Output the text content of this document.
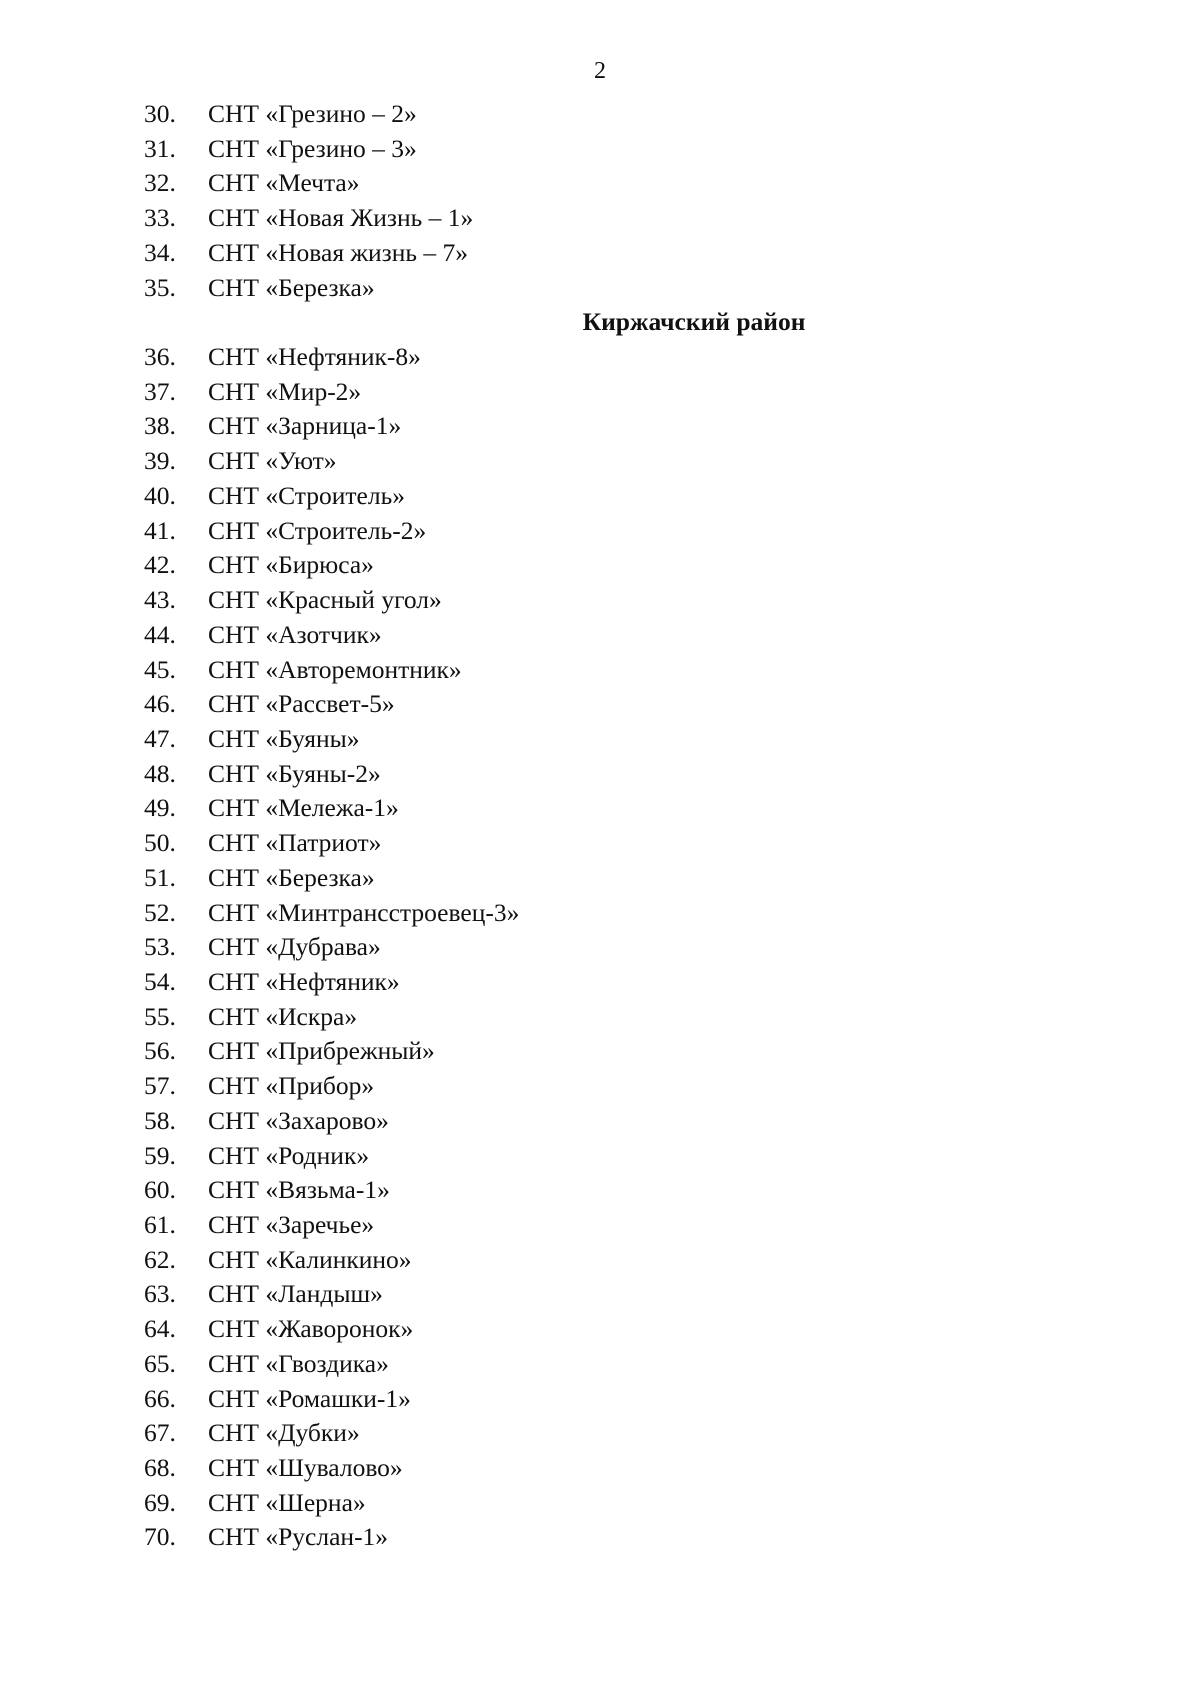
2
30. СНТ «Грезино – 2»
31. СНТ «Грезино – 3»
32. СНТ «Мечта»
33. СНТ «Новая Жизнь – 1»
34. СНТ «Новая жизнь – 7»
35. СНТ «Березка»
Киржачский район
36. СНТ «Нефтяник-8»
37. СНТ «Мир-2»
38. СНТ «Зарница-1»
39. СНТ «Уют»
40. СНТ «Строитель»
41. СНТ «Строитель-2»
42. СНТ «Бирюса»
43. СНТ «Красный угол»
44. СНТ «Азотчик»
45. СНТ «Авторемонтник»
46. СНТ «Рассвет-5»
47. СНТ «Буяны»
48. СНТ «Буяны-2»
49. СНТ «Мележа-1»
50. СНТ «Патриот»
51. СНТ «Березка»
52. СНТ «Минтрансстроевец-3»
53. СНТ «Дубрава»
54. СНТ «Нефтяник»
55. СНТ «Искра»
56. СНТ «Прибрежный»
57. СНТ «Прибор»
58. СНТ «Захарово»
59. СНТ «Родник»
60. СНТ «Вязьма-1»
61. СНТ «Заречье»
62. СНТ «Калинкино»
63. СНТ «Ландыш»
64. СНТ «Жаворонок»
65. СНТ «Гвоздика»
66. СНТ «Ромашки-1»
67. СНТ «Дубки»
68. СНТ «Шувалово»
69. СНТ «Шерна»
70. СНТ «Руслан-1»
